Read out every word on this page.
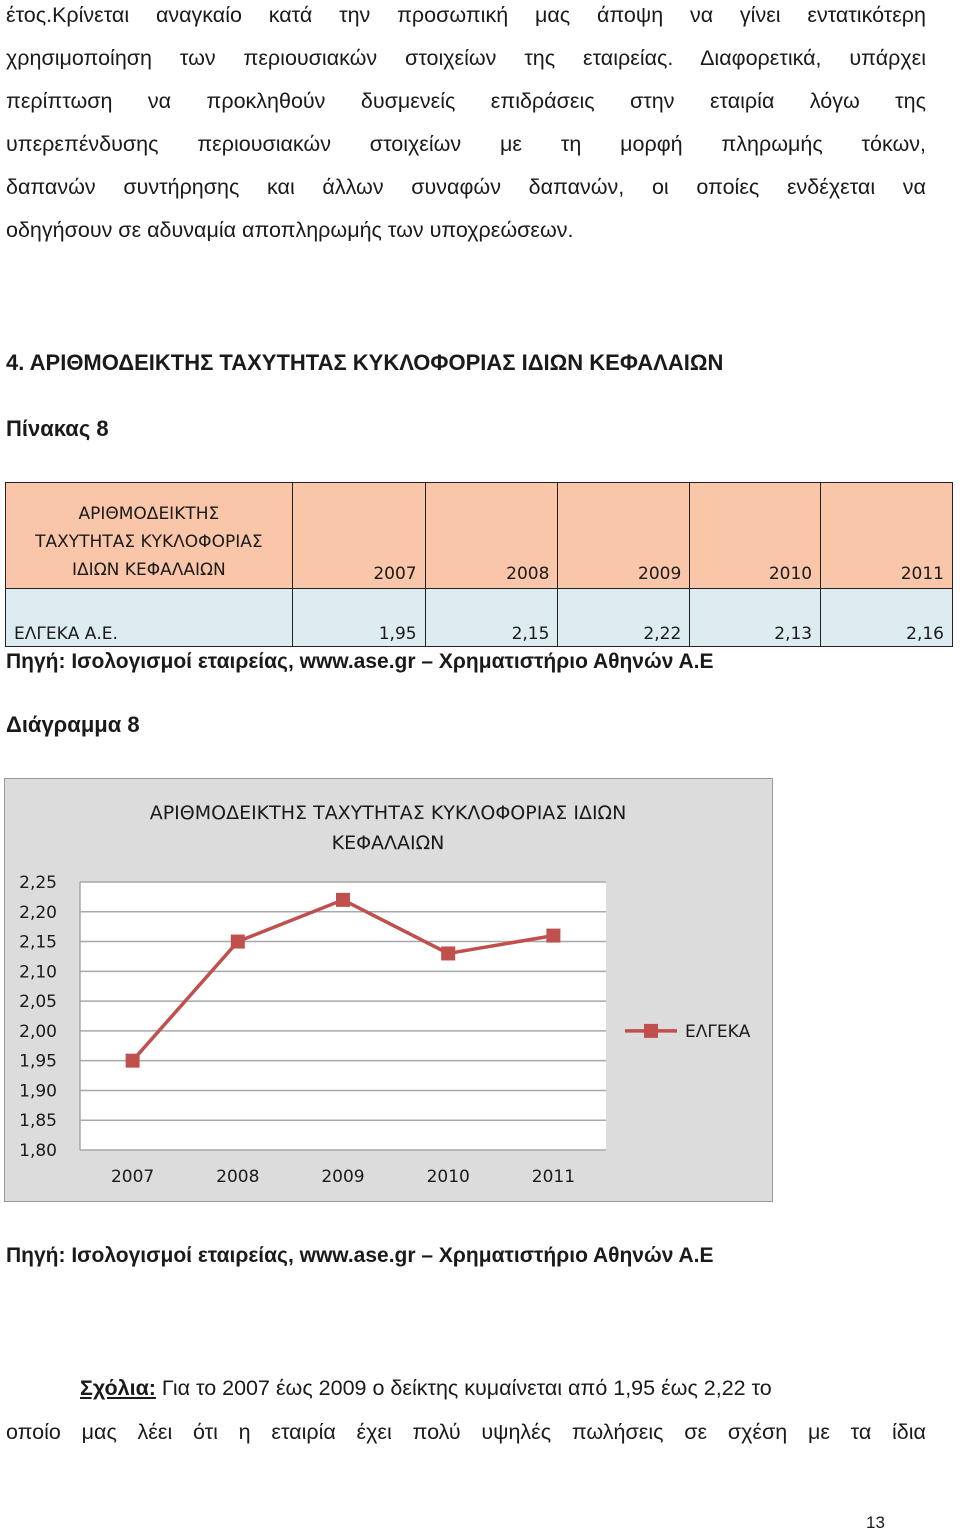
έτος.Κρίνεται αναγκαίο κατά την προσωπική μας άποψη να γίνει εντατικότερη
χρησιμοποίηση των περιουσιακών στοιχείων της εταιρείας. Διαφορετικά, υπάρχει
περίπτωση να προκληθούν δυσμενείς επιδράσεις στην εταιρία λόγω της
υπερεπένδυσης περιουσιακών στοιχείων με τη μορφή πληρωμής τόκων,
δαπανών συντήρησης και άλλων συναφών δαπανών, οι οποίες ενδέχεται να
οδηγήσουν σε αδυναμία αποπληρωμής των υποχρεώσεων.
4. ΑΡΙΘΜΟΔΕΙΚΤΗΣ ΤΑΧΥΤΗΤΑΣ ΚΥΚΛΟΦΟΡΙΑΣ ΙΔΙΩΝ ΚΕΦΑΛΑΙΩΝ
Πίνακας 8
ΑΡΙΘΜΟΔΕΙΚΤΗΣ
ΤΑΧΥΤΗΤΑΣ ΚΥΚΛΟΦΟΡΙΑΣ
ΙΔΙΩΝ ΚΕΦΑΛΑΙΩΝ	2007	2008	2009	2010	2011
ΕΛΓΕΚΑ Α.Ε.	1,95	2,15	2,22	2,13	2,16
Πηγή: Ισολογισμοί εταιρείας, www.ase.gr – Χρηματιστήριο Αθηνών Α.Ε
Διάγραμμα 8
ΑΡΙΘΜΟΔΕΙΚΤΗΣ ΤΑΧΥΤΗΤΑΣ ΚΥΚΛΟΦΟΡΙΑΣ ΙΔΙΩΝ
ΚΕΦΑΛΑΙΩΝ
2,25
2,20
2,15
2,10
2,05
2,00
1,95
1,90
1,85
1,80
2007	2008	2009	2010	2011
ΕΛΓΕΚΑ
Πηγή: Ισολογισμοί εταιρείας, www.ase.gr – Χρηματιστήριο Αθηνών Α.Ε
Σχόλια: Για το 2007 έως 2009 ο δείκτης κυμαίνεται από 1,95 έως 2,22 το
οποίο μας λέει ότι η εταιρία έχει πολύ υψηλές πωλήσεις σε σχέση με τα ίδια
13
